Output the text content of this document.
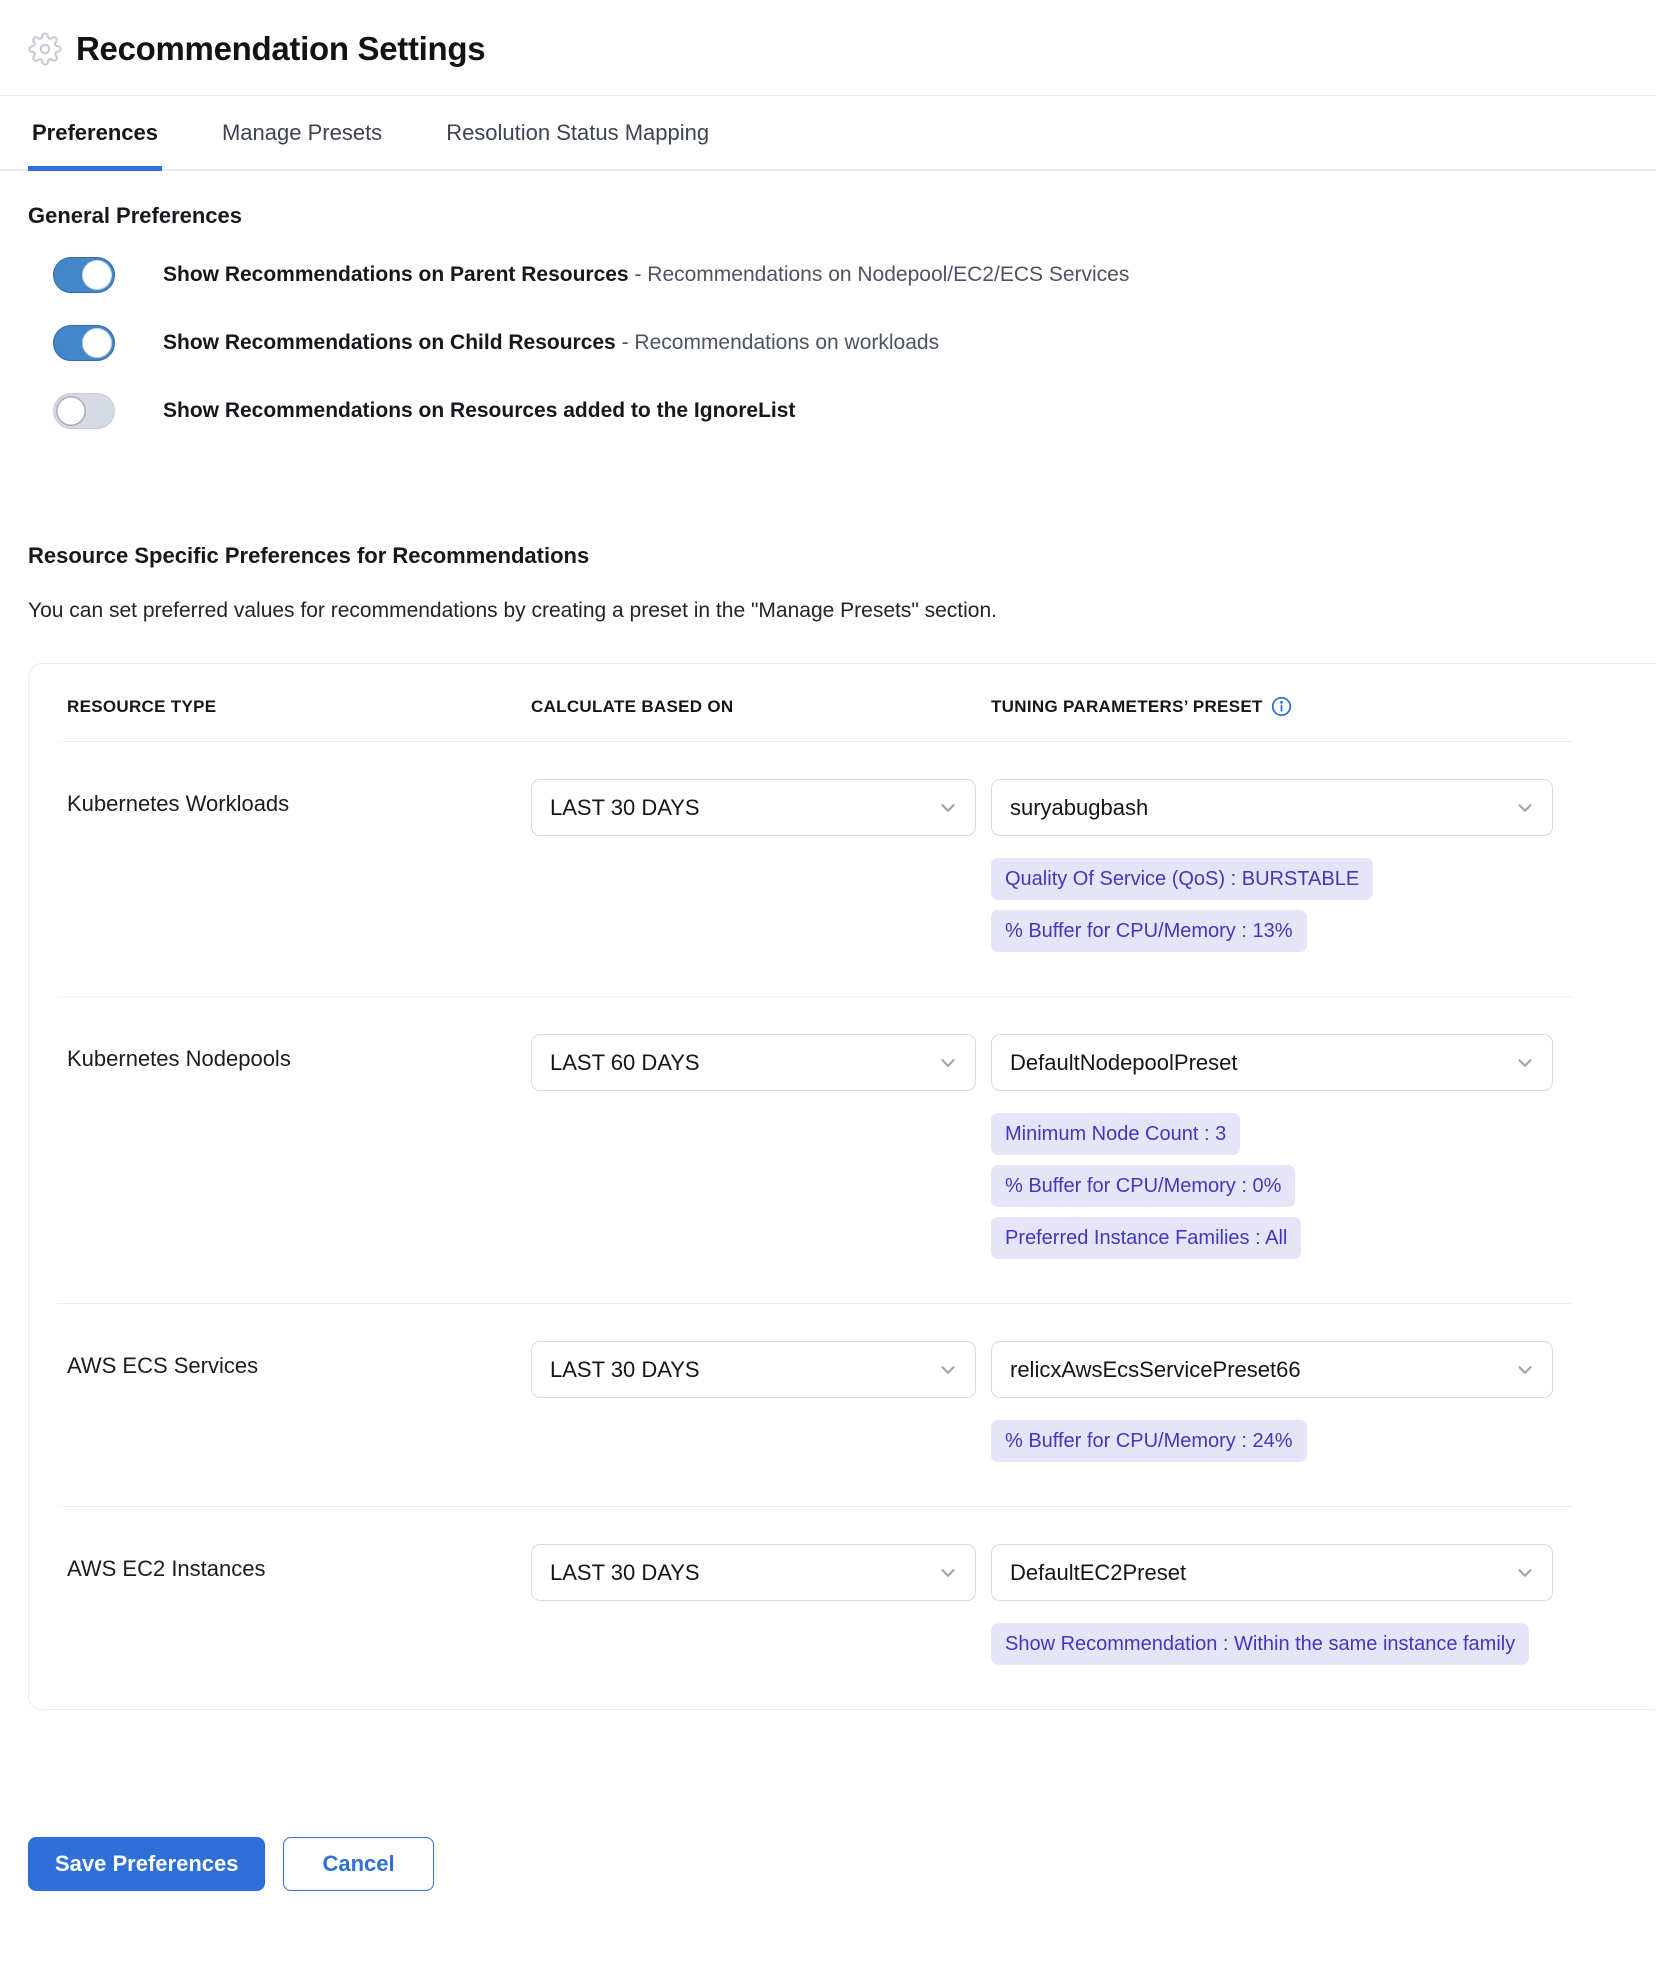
Recommendation Settings
Preferences	Manage Presets	Resolution Status Mapping
General Preferences
Show Recommendations on Parent Resources - Recommendations on Nodepool/EC2/ECS Services
Show Recommendations on Child Resources - Recommendations on workloads
Show Recommendations on Resources added to the IgnoreList
Resource Specific Preferences for Recommendations

You can set preferred values for recommendations by creating a preset in the "Manage Presets" section.

RESOURCE TYPE	CALCULATE BASED ON	TUNING PARAMETERS’ PRESET
Kubernetes Workloads	LAST 30 DAYS	suryabugbash
Quality Of Service (QoS) : BURSTABLE
% Buffer for CPU/Memory : 13%
Kubernetes Nodepools	LAST 60 DAYS	DefaultNodepoolPreset
Minimum Node Count : 3
% Buffer for CPU/Memory : 0%
Preferred Instance Families : All
AWS ECS Services	LAST 30 DAYS	relicxAwsEcsServicePreset66
% Buffer for CPU/Memory : 24%
AWS EC2 Instances	LAST 30 DAYS	DefaultEC2Preset
Show Recommendation : Within the same instance family
Save Preferences	Cancel
